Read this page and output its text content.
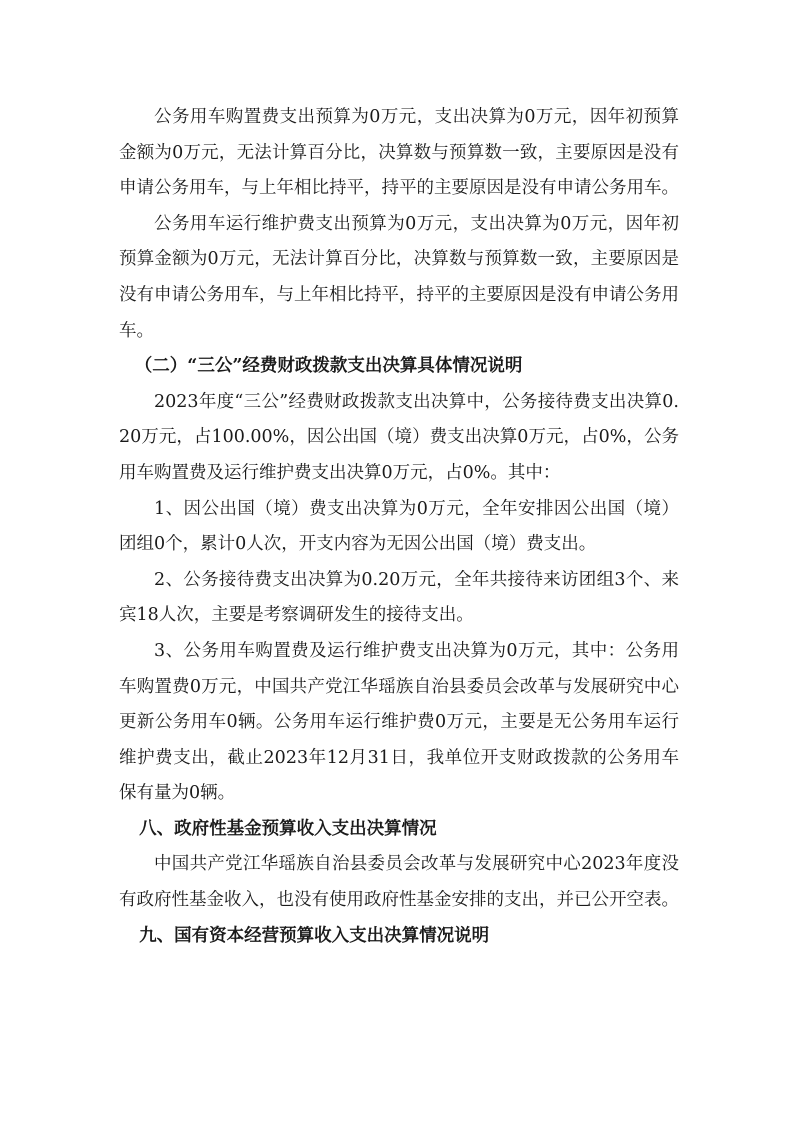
公务用车购置费支出预算为0万元，支出决算为0万元，因年初预算金额为0万元，无法计算百分比，决算数与预算数一致，主要原因是没有申请公务用车，与上年相比持平，持平的主要原因是没有申请公务用车。

公务用车运行维护费支出预算为0万元，支出决算为0万元，因年初预算金额为0万元，无法计算百分比，决算数与预算数一致，主要原因是没有申请公务用车，与上年相比持平，持平的主要原因是没有申请公务用车。

（二）“三公”经费财政拨款支出决算具体情况说明

2023年度“三公”经费财政拨款支出决算中，公务接待费支出决算0.20万元，占100.00%，因公出国（境）费支出决算0万元，占0%，公务用车购置费及运行维护费支出决算0万元，占0%。其中：

1、因公出国（境）费支出决算为0万元，全年安排因公出国（境）团组0个，累计0人次，开支内容为无因公出国（境）费支出。

2、公务接待费支出决算为0.20万元，全年共接待来访团组3个、来宾18人次，主要是考察调研发生的接待支出。

3、公务用车购置费及运行维护费支出决算为0万元，其中：公务用车购置费0万元，中国共产党江华瑶族自治县委员会改革与发展研究中心更新公务用车0辆。公务用车运行维护费0万元，主要是无公务用车运行维护费支出，截止2023年12月31日，我单位开支财政拨款的公务用车保有量为0辆。

八、政府性基金预算收入支出决算情况

中国共产党江华瑶族自治县委员会改革与发展研究中心2023年度没有政府性基金收入，也没有使用政府性基金安排的支出，并已公开空表。

九、国有资本经营预算收入支出决算情况说明
